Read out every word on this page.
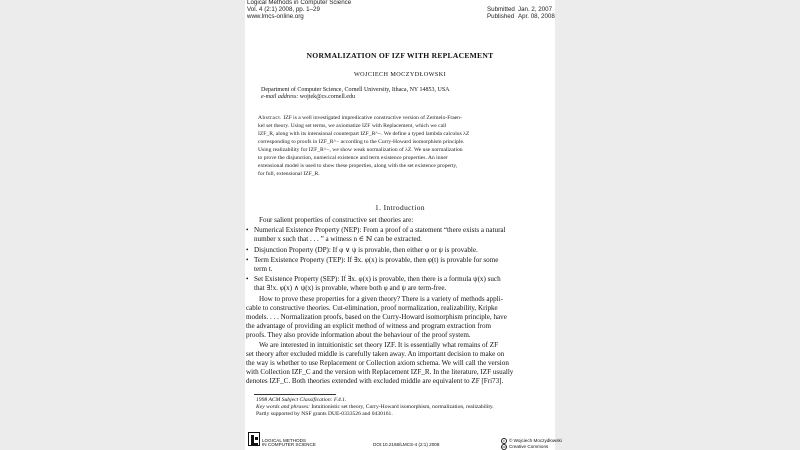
Logical Methods in Computer Science
Vol. 4 (2:1) 2008, pp. 1–29
www.lmcs-online.org
Submitted Jan. 2, 2007
Published Apr. 08, 2008
NORMALIZATION OF IZF WITH REPLACEMENT
WOJCIECH MOCZYDŁOWSKI
Department of Computer Science, Cornell University, Ithaca, NY 14853, USA
e-mail address: wojtek@cs.cornell.edu
Abstract. IZF is a well investigated impredicative constructive version of Zermelo-Fraen-
kel set theory. Using set terms, we axiomatize IZF with Replacement, which we call
IZF_R, along with its intensional counterpart IZF_R^−. We define a typed lambda calculus λZ
corresponding to proofs in IZF_R^− according to the Curry-Howard isomorphism principle.
Using realizability for IZF_R^−, we show weak normalization of λZ. We use normalization
to prove the disjunction, numerical existence and term existence properties. An inner
extensional model is used to show these properties, along with the set existence property,
for full, extensional IZF_R.
1. Introduction
Four salient properties of constructive set theories are:
• Numerical Existence Property (NEP): From a proof of a statement “there exists a natural
number x such that . . . ” a witness n ∈ ℕ can be extracted.
• Disjunction Property (DP): If φ ∨ ψ is provable, then either φ or ψ is provable.
• Term Existence Property (TEP): If ∃x. φ(x) is provable, then φ(t) is provable for some
term t.
• Set Existence Property (SEP): If ∃x. φ(x) is provable, then there is a formula ψ(x) such
that ∃!x. φ(x) ∧ ψ(x) is provable, where both φ and ψ are term-free.
How to prove these properties for a given theory? There is a variety of methods appli-
cable to constructive theories. Cut-elimination, proof normalization, realizability, Kripke
models. . . . Normalization proofs, based on the Curry-Howard isomorphism principle, have
the advantage of providing an explicit method of witness and program extraction from
proofs. They also provide information about the behaviour of the proof system.
We are interested in intuitionistic set theory IZF. It is essentially what remains of ZF
set theory after excluded middle is carefully taken away. An important decision to make on
the way is whether to use Replacement or Collection axiom schema. We will call the version
with Collection IZF_C and the version with Replacement IZF_R. In the literature, IZF usually
denotes IZF_C. Both theories extended with excluded middle are equivalent to ZF [Fri73].
1998 ACM Subject Classification: F.4.1.
Key words and phrases: Intuitionistic set theory, Curry-Howard isomorphism, normalization, realizability.
Partly supported by NSF grants DUE-0333526 and 0430161.
LOGICAL METHODS
IN COMPUTER SCIENCE	DOI:10.2168/LMCS-4 (2:1) 2008
c © Wojciech Moczydłowski
cc Creative Commons
